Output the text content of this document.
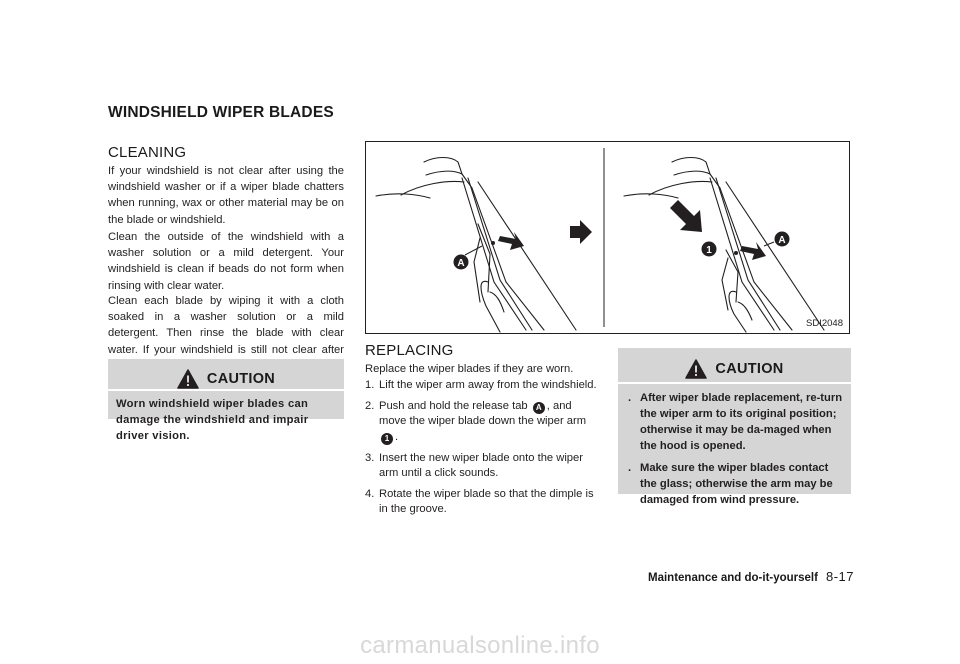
WINDSHIELD WIPER BLADES
CLEANING

If your windshield is not clear after using the windshield washer or if a wiper blade chatters when running, wax or other material may be on the blade or windshield.

Clean the outside of the windshield with a washer solution or a mild detergent. Your windshield is clean if beads do not form when rinsing with clear water.

Clean each blade by wiping it with a cloth soaked in a washer solution or a mild detergent. Then rinse the blade with clear water. If your windshield is still not clear after

CAUTION
Worn windshield wiper blades can damage the windshield and impair driver vision.
A
1
A
SDI2048
REPLACING

Replace the wiper blades if they are worn.

1. Lift the wiper arm away from the windshield.
2. Push and hold the release tab A , and move the wiper blade down the wiper arm 1 .
3. Insert the new wiper blade onto the wiper arm until a click sounds.
4. Rotate the wiper blade so that the dimple is in the groove.
CAUTION
. After wiper blade replacement, re-turn the wiper arm to its original position; otherwise it may be da-maged when the hood is opened.
. Make sure the wiper blades contact the glass; otherwise the arm may be damaged from wind pressure.
Maintenance and do-it-yourself 8-17
carmanualsonline.info
